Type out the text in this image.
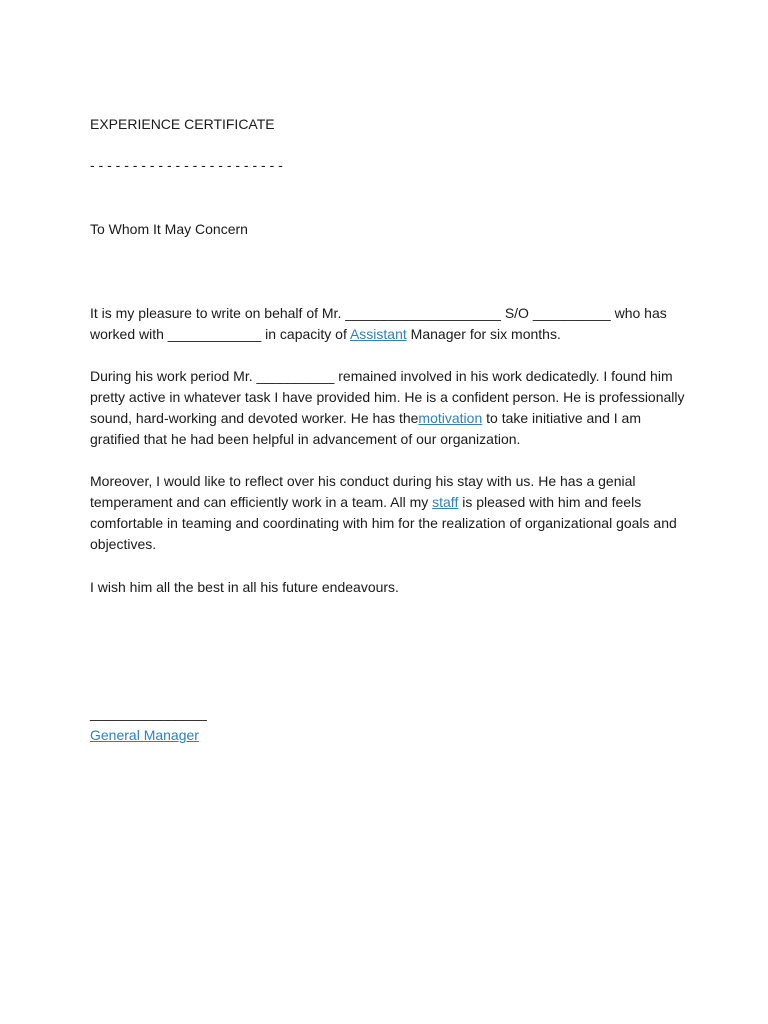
EXPERIENCE CERTIFICATE

- - - - - - - - - - - - - - - - - - - - - - -

To Whom It May Concern

It is my pleasure to write on behalf of Mr. ____________________ S/O __________ who has worked with ____________ in capacity of Assistant Manager for six months.

During his work period Mr. __________ remained involved in his work dedicatedly. I found him pretty active in whatever task I have provided him. He is a confident person. He is professionally sound, hard-working and devoted worker. He has themotivation to take initiative and I am gratified that he had been helpful in advancement of our organization.

Moreover, I would like to reflect over his conduct during his stay with us. He has a genial temperament and can efficiently work in a team. All my staff is pleased with him and feels comfortable in teaming and coordinating with him for the realization of organizational goals and objectives.

I wish him all the best in all his future endeavours.

_______________

General Manager
